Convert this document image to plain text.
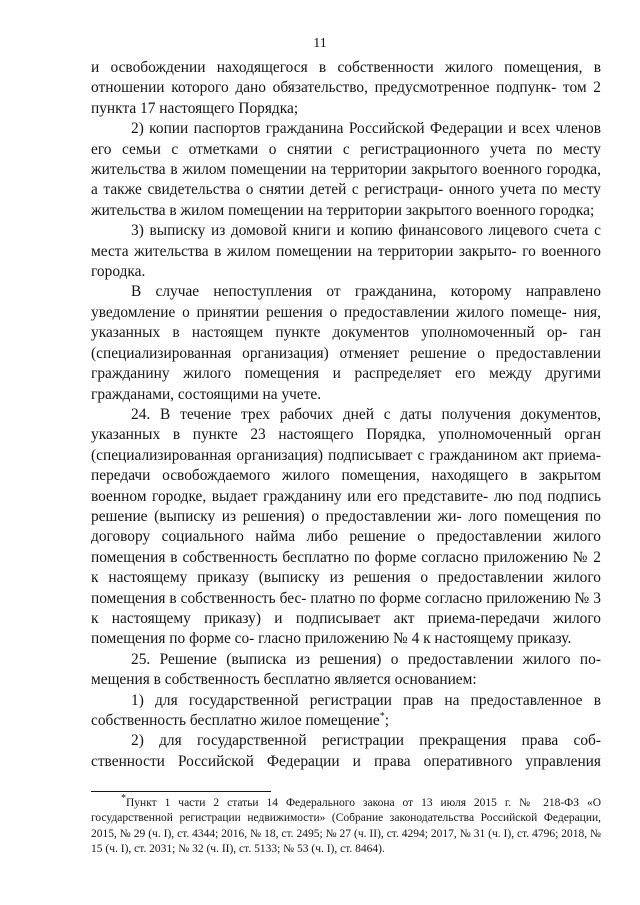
11

и освобождении находящегося в собственности жилого помещения, в отношении которого дано обязательство, предусмотренное подпунк- том 2 пункта 17 настоящего Порядка;

2) копии паспортов гражданина Российской Федерации и всех членов его семьи с отметками о снятии с регистрационного учета по месту жительства в жилом помещении на территории закрытого военного городка, а также свидетельства о снятии детей с регистраци- онного учета по месту жительства в жилом помещении на территории закрытого военного городка;

3) выписку из домовой книги и копию финансового лицевого счета с места жительства в жилом помещении на территории закрыто- го военного городка.

В случае непоступления от гражданина, которому направлено уведомление о принятии решения о предоставлении жилого помеще- ния, указанных в настоящем пункте документов уполномоченный ор- ган (специализированная организация) отменяет решение о предоставлении гражданину жилого помещения и распределяет его между другими гражданами, состоящими на учете.

24. В течение трех рабочих дней с даты получения документов, указанных в пункте 23 настоящего Порядка, уполномоченный орган (специализированная организация) подписывает с гражданином акт приема-передачи освобождаемого жилого помещения, находящего в закрытом военном городке, выдает гражданину или его представите- лю под подпись решение (выписку из решения) о предоставлении жи- лого помещения по договору социального найма либо решение о предоставлении жилого помещения в собственность бесплатно по форме согласно приложению № 2 к настоящему приказу (выписку из решения о предоставлении жилого помещения в собственность бес- платно по форме согласно приложению № 3 к настоящему приказу) и подписывает акт приема-передачи жилого помещения по форме со- гласно приложению № 4 к настоящему приказу.

25. Решение (выписка из решения) о предоставлении жилого по- мещения в собственность бесплатно является основанием:

1) для государственной регистрации прав на предоставленное в собственность бесплатно жилое помещение*;

2) для государственной регистрации прекращения права соб- ственности Российской Федерации и права оперативного управления

*Пункт 1 части 2 статьи 14 Федерального закона от 13 июля 2015 г. № 218-ФЗ «О государственной регистрации недвижимости» (Собрание законодательства Российской Федерации, 2015, № 29 (ч. I), ст. 4344; 2016, № 18, ст. 2495; № 27 (ч. II), ст. 4294; 2017, № 31 (ч. I), ст. 4796; 2018, № 15 (ч. I), ст. 2031; № 32 (ч. II), ст. 5133; № 53 (ч. I), ст. 8464).
